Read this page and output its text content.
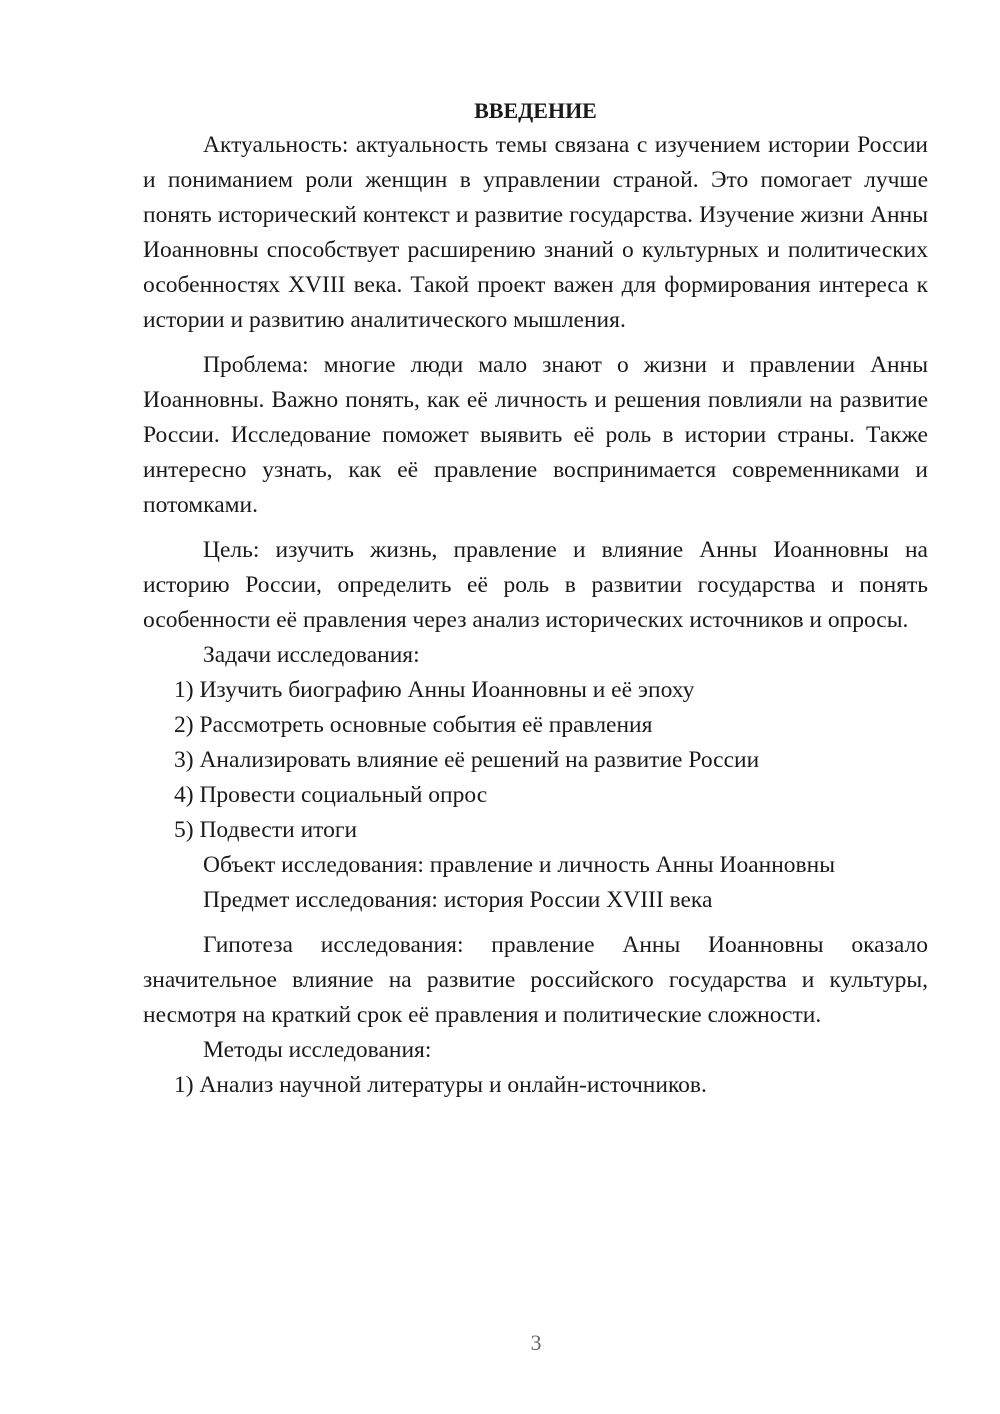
ВВЕДЕНИЕ

Актуальность: актуальность темы связана с изучением истории России и пониманием роли женщин в управлении страной. Это помогает лучше понять исторический контекст и развитие государства. Изучение жизни Анны Иоанновны способствует расширению знаний о культурных и политических особенностях XVIII века. Такой проект важен для формирования интереса к истории и развитию аналитического мышления.

Проблема: многие люди мало знают о жизни и правлении Анны Иоанновны. Важно понять, как её личность и решения повлияли на развитие России. Исследование поможет выявить её роль в истории страны. Также интересно узнать, как её правление воспринимается современниками и потомками.

Цель: изучить жизнь, правление и влияние Анны Иоанновны на историю России, определить её роль в развитии государства и понять особенности её правления через анализ исторических источников и опросы.

Задачи исследования:

1) Изучить биографию Анны Иоанновны и её эпоху

2) Рассмотреть основные события её правления

3) Анализировать влияние её решений на развитие России

4) Провести социальный опрос

5) Подвести итоги

Объект исследования: правление и личность Анны Иоанновны

Предмет исследования: история России XVIII века

Гипотеза исследования: правление Анны Иоанновны оказало значительное влияние на развитие российского государства и культуры, несмотря на краткий срок её правления и политические сложности.

Методы исследования:

1) Анализ научной литературы и онлайн-источников.

3
